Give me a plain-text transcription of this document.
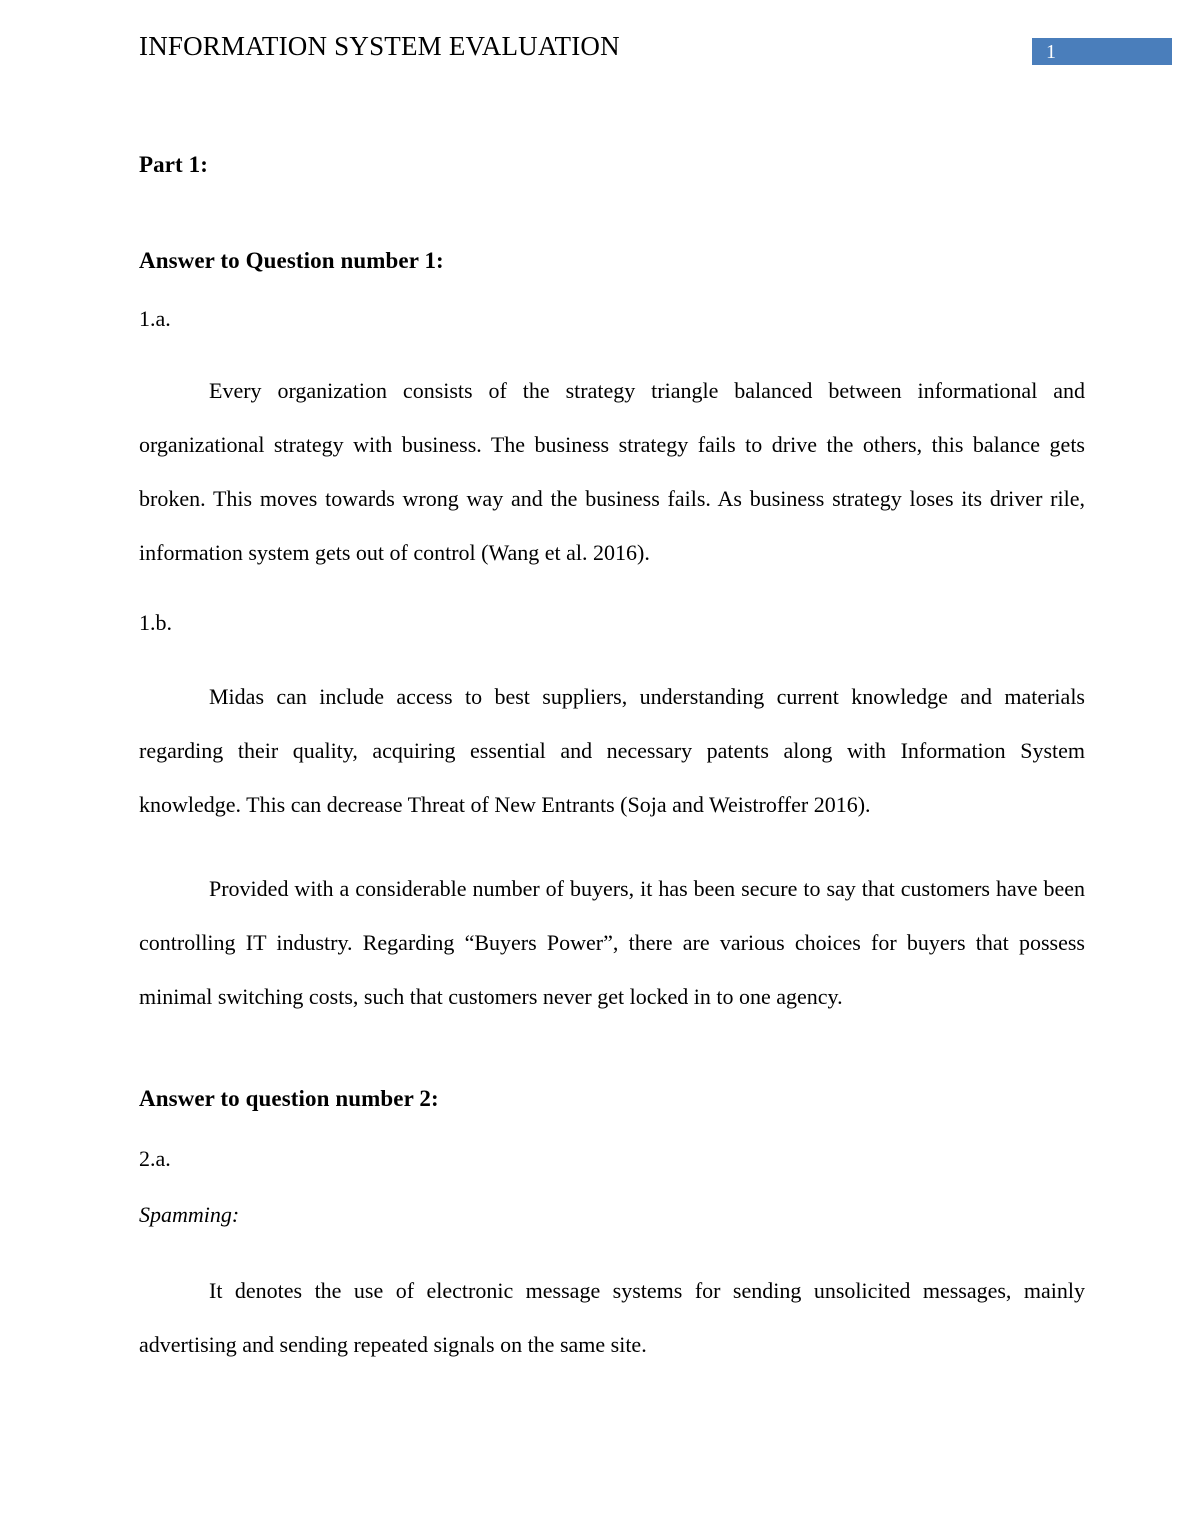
INFORMATION SYSTEM EVALUATION	1
Part 1:
Answer to Question number 1:

1.a.

Every organization consists of the strategy triangle balanced between informational and organizational strategy with business. The business strategy fails to drive the others, this balance gets broken. This moves towards wrong way and the business fails. As business strategy loses its driver rile, information system gets out of control (Wang et al. 2016).

1.b.

Midas can include access to best suppliers, understanding current knowledge and materials regarding their quality, acquiring essential and necessary patents along with Information System knowledge. This can decrease Threat of New Entrants (Soja and Weistroffer 2016).

Provided with a considerable number of buyers, it has been secure to say that customers have been controlling IT industry. Regarding “Buyers Power”, there are various choices for buyers that possess minimal switching costs, such that customers never get locked in to one agency.

Answer to question number 2:

2.a.

Spamming:

It denotes the use of electronic message systems for sending unsolicited messages, mainly advertising and sending repeated signals on the same site.
